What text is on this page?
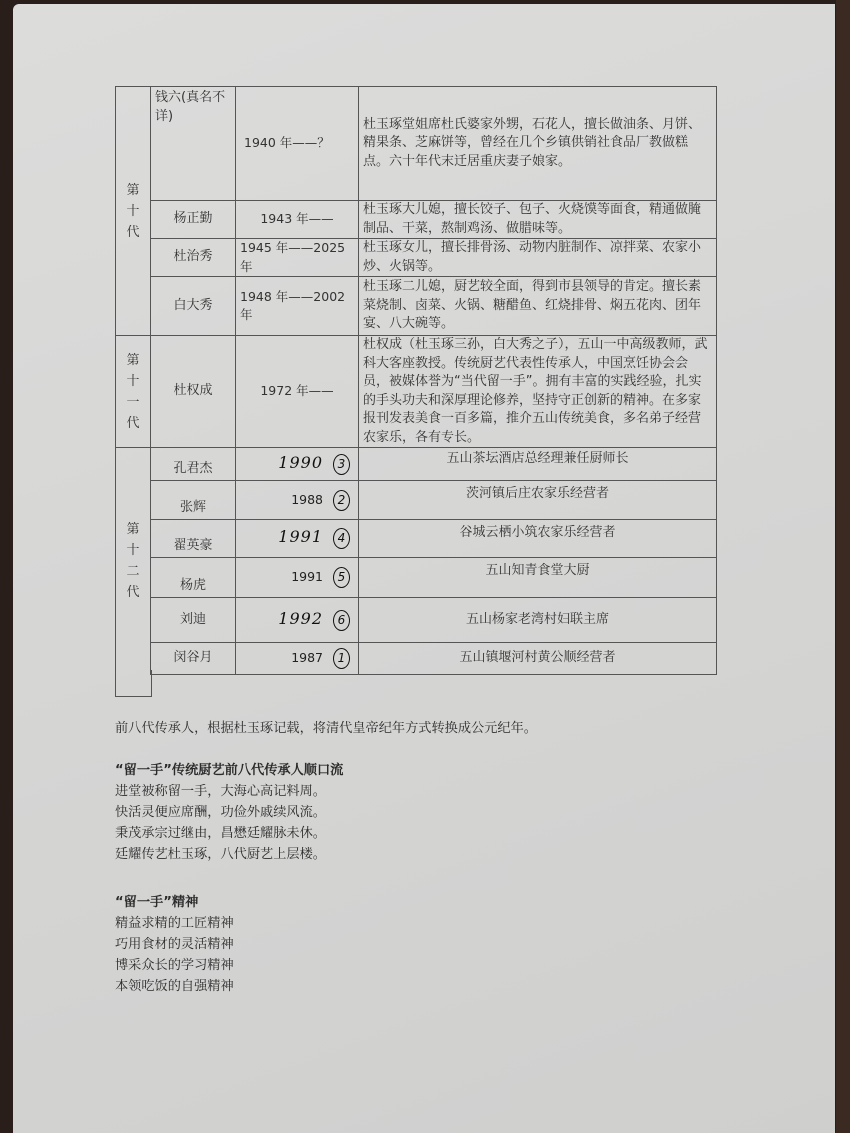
第
十
代	钱六(真名不详)	1940 年——？	杜玉琢堂姐席杜氏婆家外甥，石花人，擅长做油条、月饼、精果条、芝麻饼等，曾经在几个乡镇供销社食品厂教做糕点。六十年代末迁居重庆妻子娘家。
	杨正勤	1943 年——	杜玉琢大儿媳，擅长饺子、包子、火烧馍等面食，精通做腌制品、干菜，熬制鸡汤、做腊味等。
	杜治秀	1945 年——2025 年	杜玉琢女儿，擅长排骨汤、动物内脏制作、凉拌菜、农家小炒、火锅等。
	白大秀	1948 年——2002 年	杜玉琢二儿媳，厨艺较全面，得到市县领导的肯定。擅长素菜烧制、卤菜、火锅、糖醋鱼、红烧排骨、焖五花肉、团年宴、八大碗等。

第
十
一
代	杜权成	1972 年——	杜权成（杜玉琢三孙，白大秀之子），五山一中高级教师，武科大客座教授。传统厨艺代表性传承人，中国烹饪协会会员，被媒体誉为“当代留一手”。拥有丰富的实践经验，扎实的手头功夫和深厚理论修养，坚持守正创新的精神。在多家报刊发表美食一百多篇，推介五山传统美食，多名弟子经营农家乐，各有专长。

第
十
二
代	孔君杰	1990 3	五山茶坛酒店总经理兼任厨师长
	张辉	1988 2	茨河镇后庄农家乐经营者
	翟英豪	1991 4	谷城云栖小筑农家乐经营者
	杨虎	1991 5	五山知青食堂大厨
	刘迪	1992 6	五山杨家老湾村妇联主席
	闵谷月	1987 1	五山镇堰河村黄公顺经营者

前八代传承人，根据杜玉琢记载，将清代皇帝纪年方式转换成公元纪年。

“留一手”传统厨艺前八代传承人顺口流

进堂被称留一手，大海心高记料周。

快活灵便应席酬，功俭外戚续风流。

秉茂承宗过继由，昌懋廷耀脉未休。

廷耀传艺杜玉琢，八代厨艺上层楼。

“留一手”精神

精益求精的工匠精神

巧用食材的灵活精神

博采众长的学习精神

本领吃饭的自强精神
